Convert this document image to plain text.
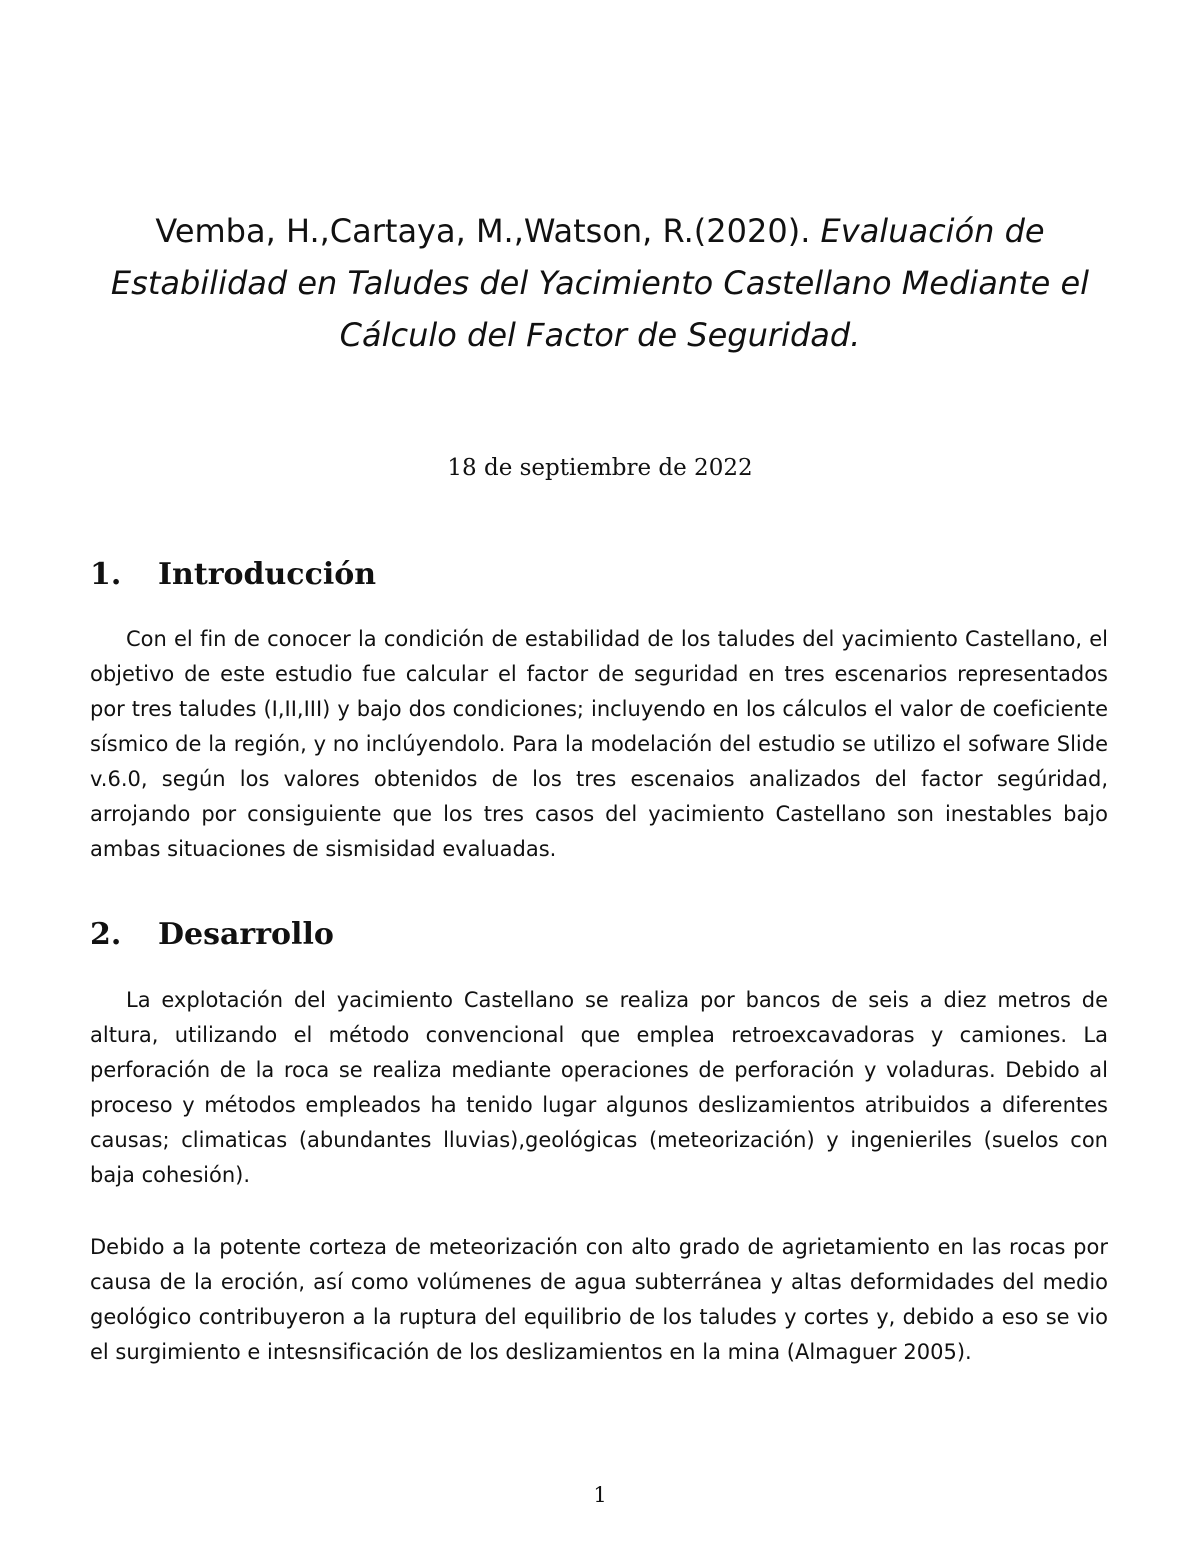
Vemba, H.,Cartaya, M.,Watson, R.(2020). Evaluación de Estabilidad en Taludes del Yacimiento Castellano Mediante el Cálculo del Factor de Seguridad.

18 de septiembre de 2022

1. Introducción

Con el fin de conocer la condición de estabilidad de los taludes del yacimiento Castellano, el objetivo de este estudio fue calcular el factor de seguridad en tres escenarios representados por tres taludes (I,II,III) y bajo dos condiciones; incluyendo en los cálculos el valor de coeficiente sísmico de la región, y no inclúyendolo. Para la modelación del estudio se utilizo el sofware Slide v.6.0, según los valores obtenidos de los tres escenaios analizados del factor segúridad, arrojando por consiguiente que los tres casos del yacimiento Castellano son inestables bajo ambas situaciones de sismisidad evaluadas.

2. Desarrollo

La explotación del yacimiento Castellano se realiza por bancos de seis a diez metros de altura, utilizando el método convencional que emplea retroexcavadoras y camiones. La perforación de la roca se realiza mediante operaciones de perforación y voladuras. Debido al proceso y métodos empleados ha tenido lugar algunos deslizamientos atribuidos a diferentes causas; climaticas (abundantes lluvias),geológicas (meteorización) y ingenieriles (suelos con baja cohesión).

Debido a la potente corteza de meteorización con alto grado de agrietamiento en las rocas por causa de la eroción, así como volúmenes de agua subterránea y altas deformidades del medio geológico contribuyeron a la ruptura del equilibrio de los taludes y cortes y, debido a eso se vio el surgimiento e intesnsificación de los deslizamientos en la mina (Almaguer 2005).

1
